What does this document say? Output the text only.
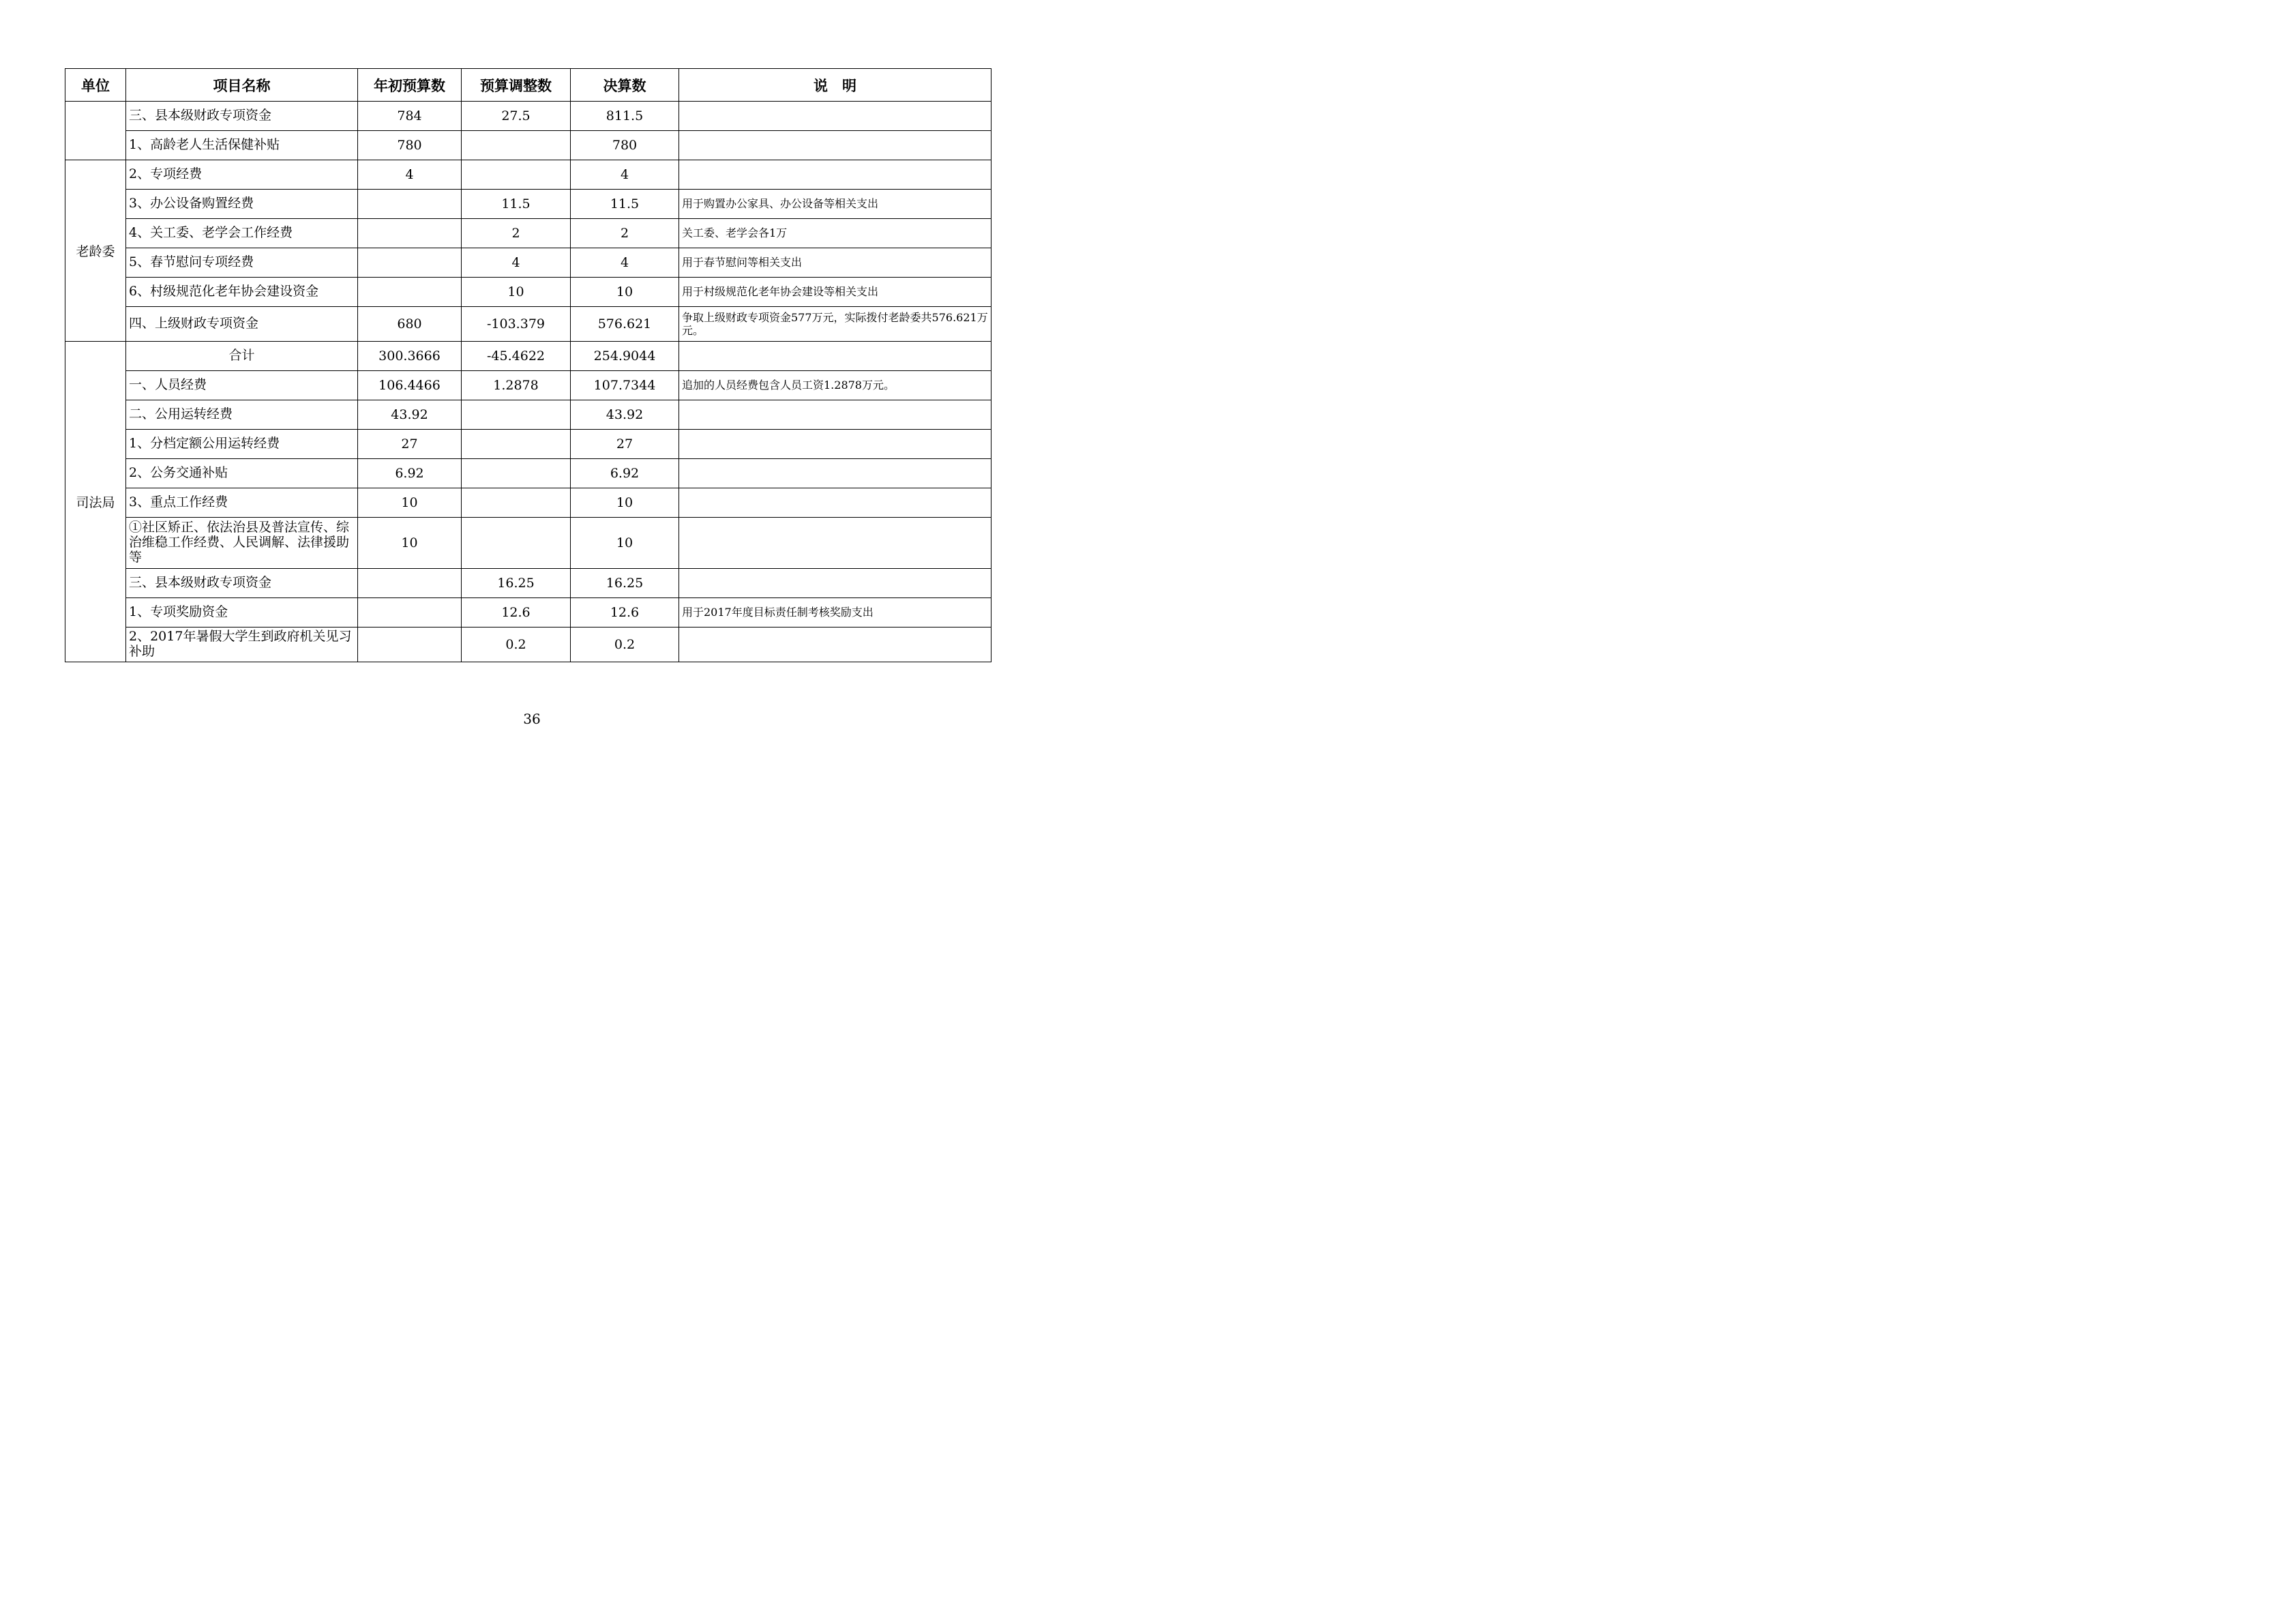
单位	项目名称	年初预算数	预算调整数	决算数	说　明
	三、县本级财政专项资金	784	27.5	811.5	
	1、高龄老人生活保健补贴	780		780	
老龄委	2、专项经费	4		4	
	3、办公设备购置经费		11.5	11.5	用于购置办公家具、办公设备等相关支出
	4、关工委、老学会工作经费		2	2	关工委、老学会各1万
	5、春节慰问专项经费		4	4	用于春节慰问等相关支出
	6、村级规范化老年协会建设资金		10	10	用于村级规范化老年协会建设等相关支出
	四、上级财政专项资金	680	-103.379	576.621	争取上级财政专项资金577万元，实际拨付老龄委共576.621万元。
司法局	合计	300.3666	-45.4622	254.9044	
	一、人员经费	106.4466	1.2878	107.7344	追加的人员经费包含人员工资1.2878万元。
	二、公用运转经费	43.92		43.92	
	1、分档定额公用运转经费	27		27	
	2、公务交通补贴	6.92		6.92	
	3、重点工作经费	10		10	
	①社区矫正、依法治县及普法宣传、综治维稳工作经费、人民调解、法律援助等	10		10	
	三、县本级财政专项资金		16.25	16.25	
	1、专项奖励资金		12.6	12.6	用于2017年度目标责任制考核奖励支出
	2、2017年暑假大学生到政府机关见习补助		0.2	0.2	
36
